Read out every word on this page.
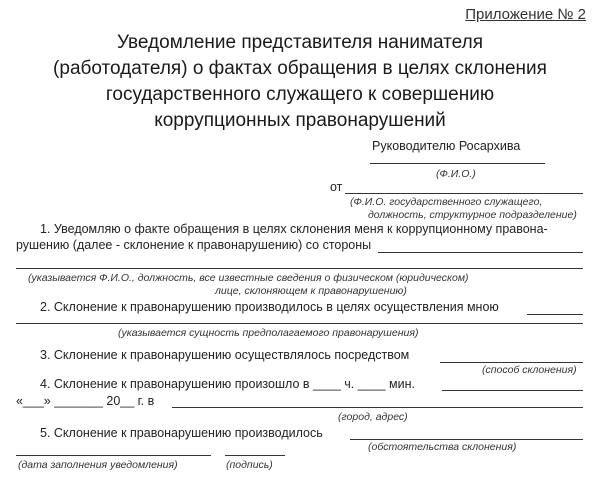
Приложение № 2
Уведомление представителя нанимателя
(работодателя) о фактах обращения в целях склонения
государственного служащего к совершению
коррупционных правонарушений
Руководителю Росархива
(Ф.И.О.)
от
(Ф.И.О. государственного служащего,
должность, структурное подразделение)
1. Уведомляю о факте обращения в целях склонения меня к коррупционному правона-
рушению (далее - склонение к правонарушению) со стороны
(указывается Ф.И.О., должность, все известные сведения о физическом (юридическом)
лице, склоняющем к правонарушению)
2. Склонение к правонарушению производилось в целях осуществления мною
(указывается сущность предполагаемого правонарушения)
3. Склонение к правонарушению осуществлялось посредством
(способ склонения)
4. Склонение к правонарушению произошло в ____ ч. ____ мин.
«___» _______ 20__ г. в
(город, адрес)
5. Склонение к правонарушению производилось
(обстоятельства склонения)
(дата заполнения уведомления)	(подпись)
